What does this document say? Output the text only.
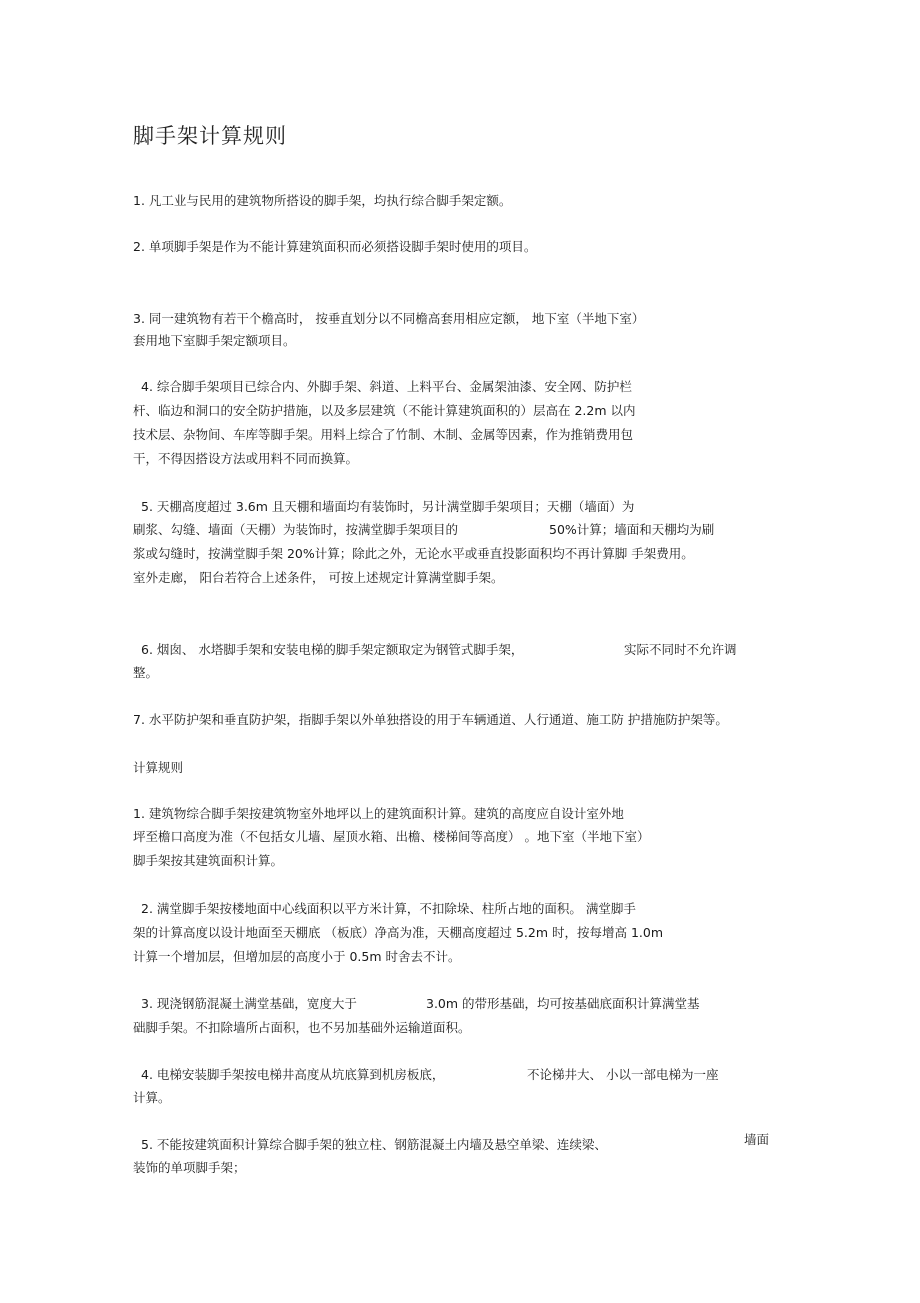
脚手架计算规则
1. 凡工业与民用的建筑物所搭设的脚手架，均执行综合脚手架定额。
2. 单项脚手架是作为不能计算建筑面积而必须搭设脚手架时使用的项目。
3. 同一建筑物有若干个檐高时， 按垂直划分以不同檐高套用相应定额， 地下室（半地下室）
套用地下室脚手架定额项目。
4. 综合脚手架项目已综合内、外脚手架、斜道、上料平台、金属架油漆、安全网、防护栏
杆、临边和洞口的安全防护措施，以及多层建筑（不能计算建筑面积的）层高在 2.2m 以内
技术层、杂物间、车库等脚手架。用料上综合了竹制、木制、金属等因素，作为推销费用包
干，不得因搭设方法或用料不同而换算。
5. 天棚高度超过 3.6m 且天棚和墙面均有装饰时，另计满堂脚手架项目；天棚（墙面）为
刷浆、勾缝、墙面（天棚）为装饰时，按满堂脚手架项目的	50%计算；墙面和天棚均为刷
浆或勾缝时，按满堂脚手架 20%计算；除此之外，无论水平或垂直投影面积均不再计算脚 手架费用。
室外走廊， 阳台若符合上述条件， 可按上述规定计算满堂脚手架。
6. 烟囱、 水塔脚手架和安装电梯的脚手架定额取定为钢管式脚手架，	实际不同时不允许调
整。
7. 水平防护架和垂直防护架，指脚手架以外单独搭设的用于车辆通道、人行通道、施工防 护措施防护架等。
计算规则
1. 建筑物综合脚手架按建筑物室外地坪以上的建筑面积计算。建筑的高度应自设计室外地
坪至檐口高度为准（不包括女儿墙、屋顶水箱、出檐、楼梯间等高度） 。地下室（半地下室）
脚手架按其建筑面积计算。
2. 满堂脚手架按楼地面中心线面积以平方米计算，不扣除垛、柱所占地的面积。 满堂脚手
架的计算高度以设计地面至天棚底 （板底）净高为准，天棚高度超过 5.2m 时，按每增高 1.0m
计算一个增加层，但增加层的高度小于 0.5m 时舍去不计。
3. 现浇钢筋混凝土满堂基础，宽度大于	3.0m 的带形基础，均可按基础底面积计算满堂基
础脚手架。不扣除墙所占面积，也不另加基础外运输道面积。
4. 电梯安装脚手架按电梯井高度从坑底算到机房板底，	不论梯井大、 小以一部电梯为一座
计算。
5. 不能按建筑面积计算综合脚手架的独立柱、钢筋混凝土内墙及悬空单梁、连续梁、	墙面
装饰的单项脚手架；
